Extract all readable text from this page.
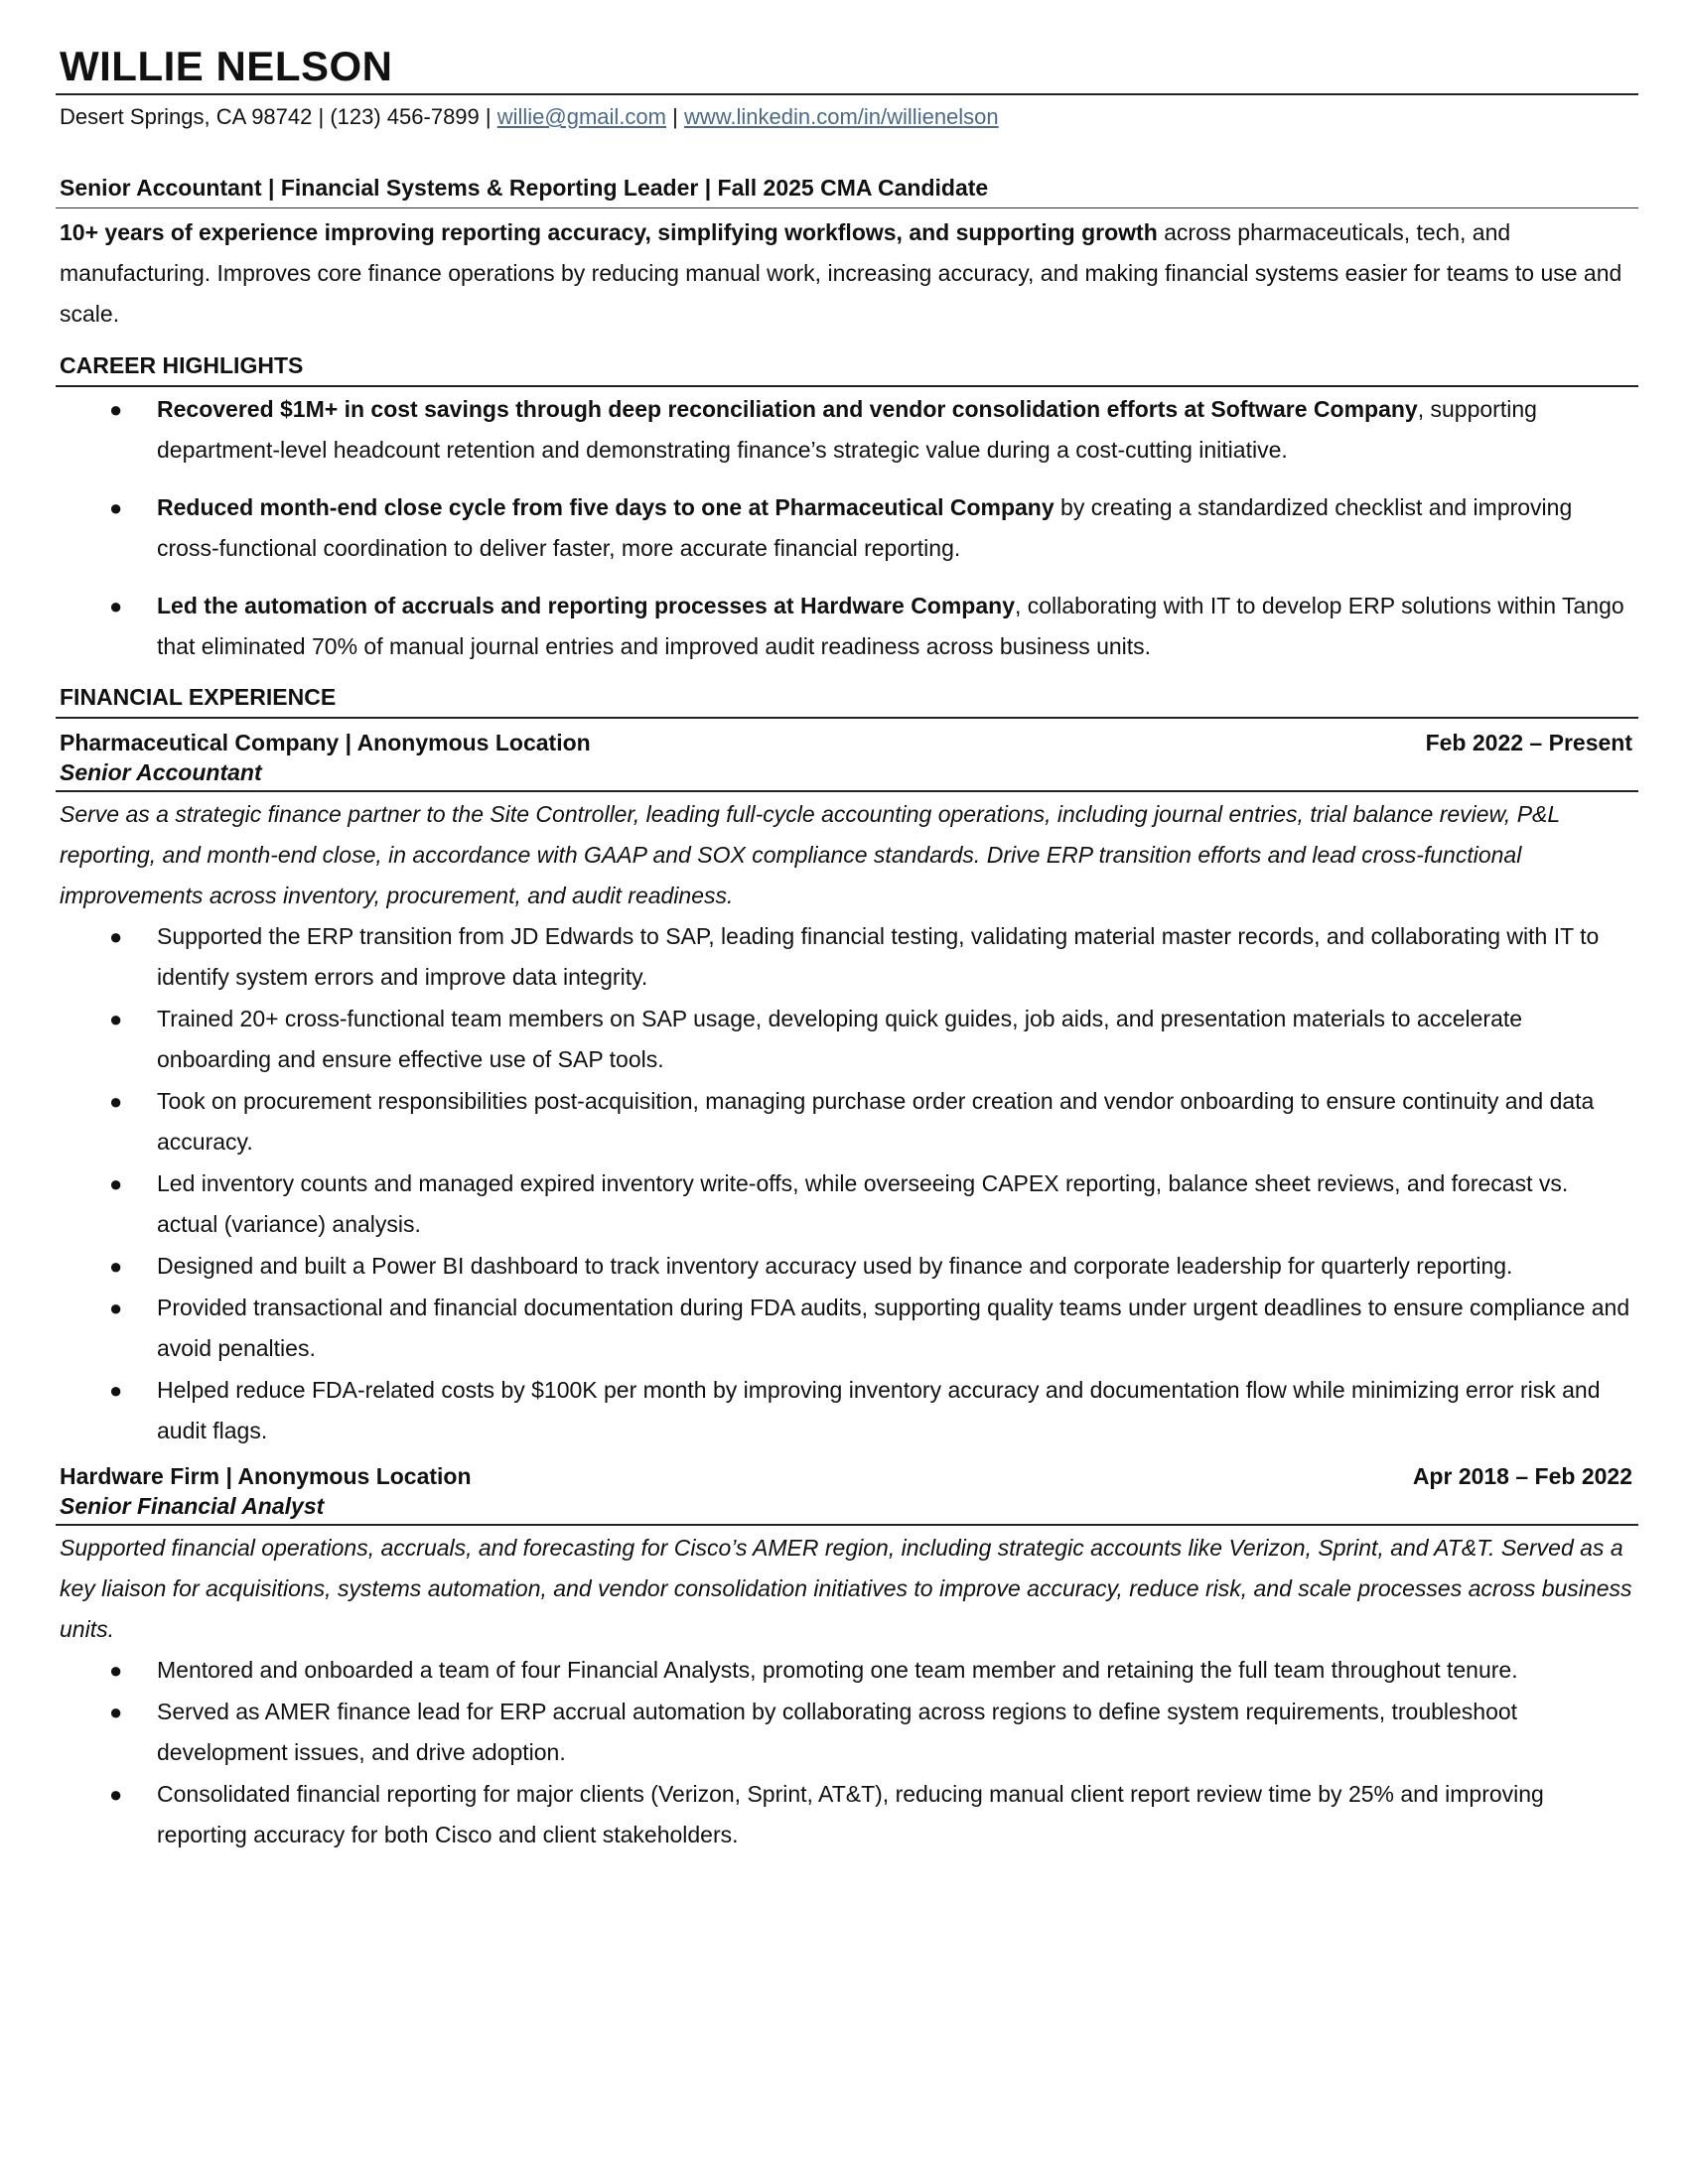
WILLIE NELSON
Desert Springs, CA 98742 | (123) 456-7899 | willie@gmail.com | www.linkedin.com/in/willienelson
Senior Accountant | Financial Systems & Reporting Leader | Fall 2025 CMA Candidate

10+ years of experience improving reporting accuracy, simplifying workflows, and supporting growth across pharmaceuticals, tech, and manufacturing. Improves core finance operations by reducing manual work, increasing accuracy, and making financial systems easier for teams to use and scale.

CAREER HIGHLIGHTS
● Recovered $1M+ in cost savings through deep reconciliation and vendor consolidation efforts at Software Company, supporting department-level headcount retention and demonstrating finance’s strategic value during a cost-cutting initiative.
● Reduced month-end close cycle from five days to one at Pharmaceutical Company by creating a standardized checklist and improving cross-functional coordination to deliver faster, more accurate financial reporting.
● Led the automation of accruals and reporting processes at Hardware Company, collaborating with IT to develop ERP solutions within Tango that eliminated 70% of manual journal entries and improved audit readiness across business units.
FINANCIAL EXPERIENCE
Pharmaceutical Company | Anonymous Location	Feb 2022 – Present
Senior Accountant

Serve as a strategic finance partner to the Site Controller, leading full-cycle accounting operations, including journal entries, trial balance review, P&L reporting, and month-end close, in accordance with GAAP and SOX compliance standards. Drive ERP transition efforts and lead cross-functional improvements across inventory, procurement, and audit readiness.

● Supported the ERP transition from JD Edwards to SAP, leading financial testing, validating material master records, and collaborating with IT to identify system errors and improve data integrity.
● Trained 20+ cross-functional team members on SAP usage, developing quick guides, job aids, and presentation materials to accelerate onboarding and ensure effective use of SAP tools.
● Took on procurement responsibilities post-acquisition, managing purchase order creation and vendor onboarding to ensure continuity and data accuracy.
● Led inventory counts and managed expired inventory write-offs, while overseeing CAPEX reporting, balance sheet reviews, and forecast vs. actual (variance) analysis.
● Designed and built a Power BI dashboard to track inventory accuracy used by finance and corporate leadership for quarterly reporting.
● Provided transactional and financial documentation during FDA audits, supporting quality teams under urgent deadlines to ensure compliance and avoid penalties.
● Helped reduce FDA-related costs by $100K per month by improving inventory accuracy and documentation flow while minimizing error risk and audit flags.
Hardware Firm | Anonymous Location	Apr 2018 – Feb 2022
Senior Financial Analyst

Supported financial operations, accruals, and forecasting for Cisco’s AMER region, including strategic accounts like Verizon, Sprint, and AT&T. Served as a key liaison for acquisitions, systems automation, and vendor consolidation initiatives to improve accuracy, reduce risk, and scale processes across business units.

● Mentored and onboarded a team of four Financial Analysts, promoting one team member and retaining the full team throughout tenure.
● Served as AMER finance lead for ERP accrual automation by collaborating across regions to define system requirements, troubleshoot development issues, and drive adoption.
● Consolidated financial reporting for major clients (Verizon, Sprint, AT&T), reducing manual client report review time by 25% and improving reporting accuracy for both Cisco and client stakeholders.
